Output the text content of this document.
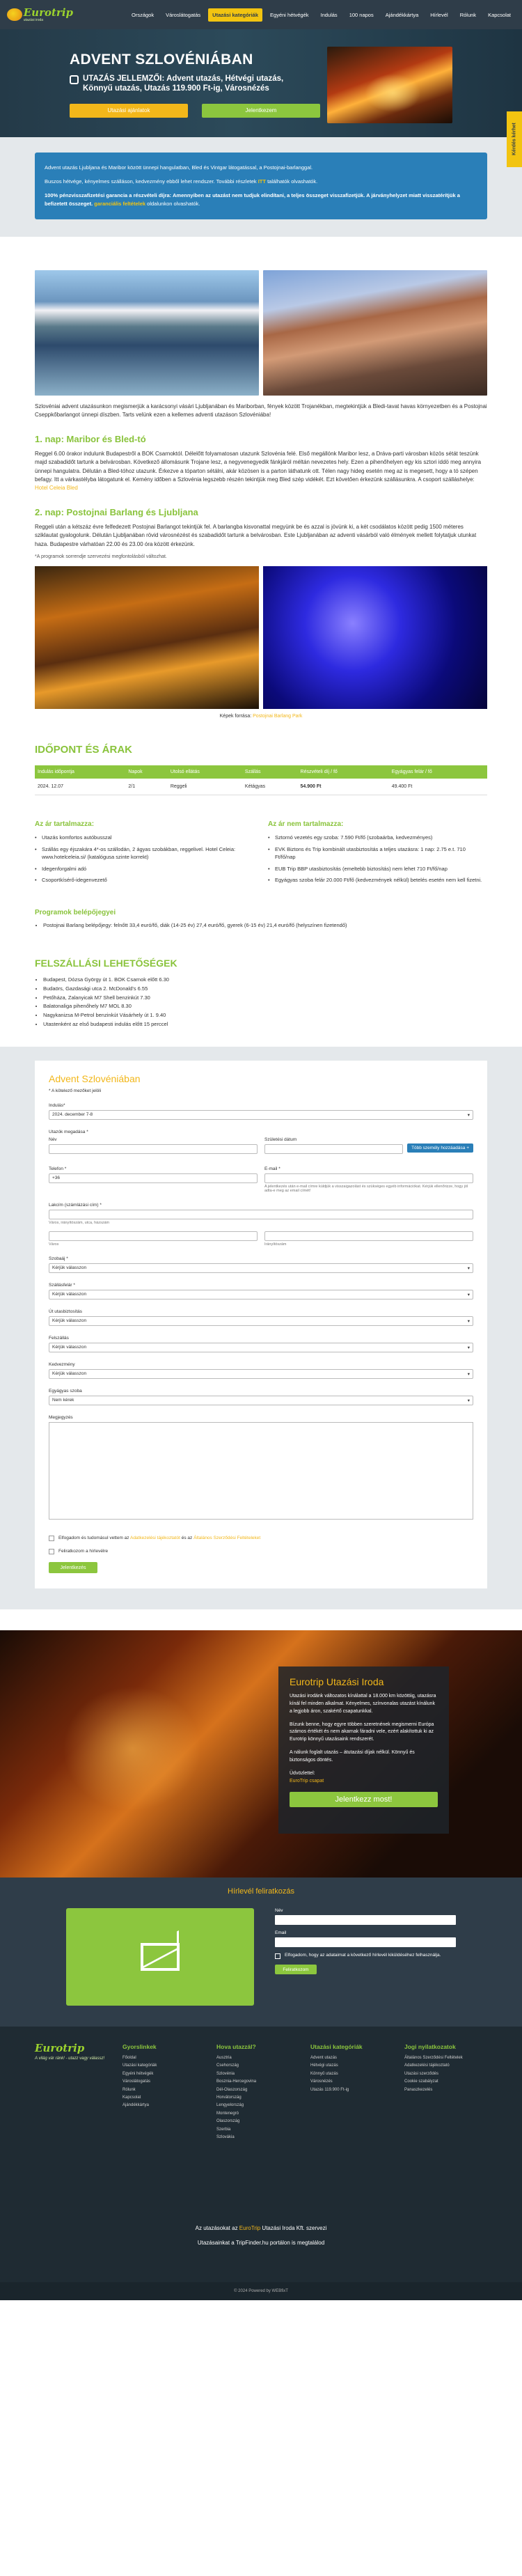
Eurotrip
utazási iroda
Országok	Városlátogatás	Utazási kategóriák	Egyéni hétvégék	Indulás	100 napos	Ajándékkártya	Hírlevél	Rólunk	Kapcsolat
ADVENT SZLOVÉNIÁBAN
UTAZÁS JELLEMZŐI: Advent utazás, Hétvégi utazás, Könnyű utazás, Utazás 119.900 Ft-ig, Városnézés
Utazási ajánlatok	Jelentkezem
Kérdés kérhet

Advent utazás Ljubljana és Maribor között ünnepi hangulatban, Bled és Vintgar látogatással, a Postojnai-barlanggal.

Buszos hétvége, kényelmes szálláson, kedvezmény ebből lehet rendszer. További részletek ITT találhatók olvashatók.

100% pénzvisszafizetési garancia a részvételi díjra: Amennyiben az utazást nem tudjuk elindítani, a teljes összeget visszafizetjük. A járványhelyzet miatt visszatérítjük a befizetett összeget. garanciális feltételek oldalunkon olvashatók.

Szlovéniai advent utazásunkon megismerjük a karácsonyi vásári Ljubljanában és Mariborban, fények között Trojanékban, megtekintjük a Bledi-tavat havas környezetben és a Postojnai Cseppkőbarlangot ünnepi díszben. Tarts velünk ezen a kellemes adventi utazáson Szlovéniába!

1. nap: Maribor és Bled-tó

Reggel 6.00 órakor indulunk Budapestről a BOK Csarnoktól. Délelőtt folyamatosan utazunk Szlovénia felé. Első megállónk Maribor lesz, a Dráva-parti városban közös sétát teszünk majd szabadidőt tartunk a belvárosban. Következő állomásunk Trojane lesz, a negyvenegyedik fánkjáról méltán nevezetes hely. Ezen a pihenőhelyen egy kis sztori iddö meg annyira ünnepi hangulatra. Délután a Bled-tóhoz utazunk. Érkezve a tóparton sétálni, akár közösen is a parton láthatunk ott. Télen nagy hideg esetén meg az is megesett, hogy a tó szépen befagy. Itt a várkastélyba látogatunk el. Kemény időben a Szlovénia legszebb részén tekintjük meg Bled szép vidékét. Ezt követően érkezünk szállásunkra. A csoport szálláshelye: Hotel Celeia Bled

2. nap: Postojnai Barlang és Ljubljana

Reggeli után a kétszáz évre felfedezett Postojnai Barlangot tekintjük fel. A barlangba kisvonattal megyünk be és azzal is jövünk ki, a két csodálatos között pedig 1500 méteres sziklautat gyalogolunk. Délután Ljubljanában rövid városnézést és szabadidőt tartunk a belvárosban. Este Ljubljanában az adventi vásárból való élmények mellett folytatjuk utunkat haza. Budapestre várhatóan 22.00 és 23.00 óra között érkezünk.

*A programok sorrendje szervezési megfontolásból változhat.

Képek forrása: Postojnai Barlang Park

IDŐPONT ÉS ÁRAK
Indulás időpontja	Napok	Utolsó ellátás	Szállás	Részvételi díj / fő	Egyágyas felár / fő
2024. 12.07	2/1	Reggeli	Kétágyas	54.900 Ft	49.400 Ft
Az ár tartalmazza:
• Utazás komfortos autóbusszal
• Szállás egy éjszakára 4*-os szállodán, 2 ágyas szobákban, reggelivel. Hotel Celeia: www.hotelceleia.si/ (katalógusa szinte korrekt)
• Idegenforgalmi adó
• Csoportkísérő-idegenvezető
Az ár nem tartalmazza:
• Sztornó vezetés egy szoba: 7.590 Ft/fő (szobaárba, kedvezményes)
• EVK Biztons és Trip kombinált utasbiztosítás a teljes utazásra: 1 nap: 2.75 e.t. 710 Ft/fő/nap
• EUB Trip BBP utasbiztosítás (emeltebb biztosítás) nem lehet 710 Ft/fő/nap
• Egyágyas szoba felár 20.000 Ft/fő (kedvezmények nélkül) betelés esetén nem kell fizetni.
Programok belépőjegyei
• Postojnai Barlang belépőjegy: felnőtt 33,4 euró/fő, diák (14-25 év) 27,4 euró/fő, gyerek (6-15 év) 21,4 euró/fő (helyszínen fizetendő)
FELSZÁLLÁSI LEHETŐSÉGEK
• Budapest, Dózsa György út 1. BOK Csarnok előtt 6.30
• Budaörs, Gazdasági utca 2. McDonald's 6.55
• Petőháza, Zalanyicak M7 Shell benzinkút 7.30
• Balatonaliga pihenőhely M7 MOL 8.30
• Nagykanizsa M-Petrol benzinkút Vásárhely út 1. 9.40
• Utastenként az első budapesti indulás előtt 15 perccel
Advent Szlovéniában

* A kötelező mezőket jelöli

Indulás*
2024. december 7-8	▾
Utazók megadása *
Név	Születési dátum
Több személy hozzáadása +
Telefon *
+36
E-mail *

A jelentkezés után e-mail címre küldjük a visszaigazolást és szükséges egyéb információkat. Kérjük ellenőrizze, hogy jól adta-e meg az email címét!

Lakcím (számlázási cím) *

Város, irányítószám, utca, házszám

Város	Irányítószám

Szobaáj *
Kérjük válasszon	▾
Szállásfelár *
Kérjük válasszon	▾
Út utasbiztosítás
Kérjük válasszon	▾
Felszállás
Kérjük válasszon	▾
Kedvezmény
Kérjük válasszon	▾
Egyágyas szoba
Nem kérek	▾
Megjegyzés
Elfogadom és tudomásul vettem az Adatkezelési tájékoztatót és az Általános Szerződési Feltételeket
Feliratkozom a hírlevélre
Jelentkezés
Eurotrip Utazási Iroda

Utazási irodánk változatos kínálattal a 18.000 km közöttiig, utazásra kínál fel minden alkalmat. Kényelmes, színvonalas utazást kínálunk a legjobb áron, szakértő csapatunkkal.

Bízunk benne, hogy egyre többen szeretnének megismerni Európa számos értékét és nem akarnak fáradni vele, ezért alakítottuk ki az Eurotrip könnyű utazásaink rendszerét.

A nálunk foglalt utazás – átutazási díjak nélkül. Könnyű és biztonságos döntés.

Üdvözlettel:
EuroTrip csapat

Jelentkezz most!
Hírlevél feliratkozás
Név
Email
Elfogadom, hogy az adataimat a következő hírlevél kiküldéséhez felhasználja.
Feliratkozom
Eurotrip
A világ vár ránk! - utazz vagy válassz!
Gyorslinkek
Főoldal
Utazási kategóriák
Egyéni hétvégék
Városlátogatás
Rólunk
Kapcsolat
Ajándékkártya
Hova utazzál?
Ausztria
Csehország
Szlovénia
Bosznia-Hercegovina
Dél-Olaszország
Horvátország
Lengyelország
Montenegró
Olaszország
Szerbia
Szlovákia
Utazási kategóriák
Advent utazás
Hétvégi utazás
Könnyű utazás
Városnézés
Utazás 119.900 Ft-ig
Jogi nyilatkozatok
Általános Szerződési Feltételek
Adatkezelési tájékoztató
Utazási szerződés
Cookie szabályzat
Panaszkezelés

Az utazásokat az EuroTrip Utazási Iroda Kft. szervezi

Utazásainkat a TripFinder.hu portálon is megtalálod

© 2024 Powered by WEBfixT
